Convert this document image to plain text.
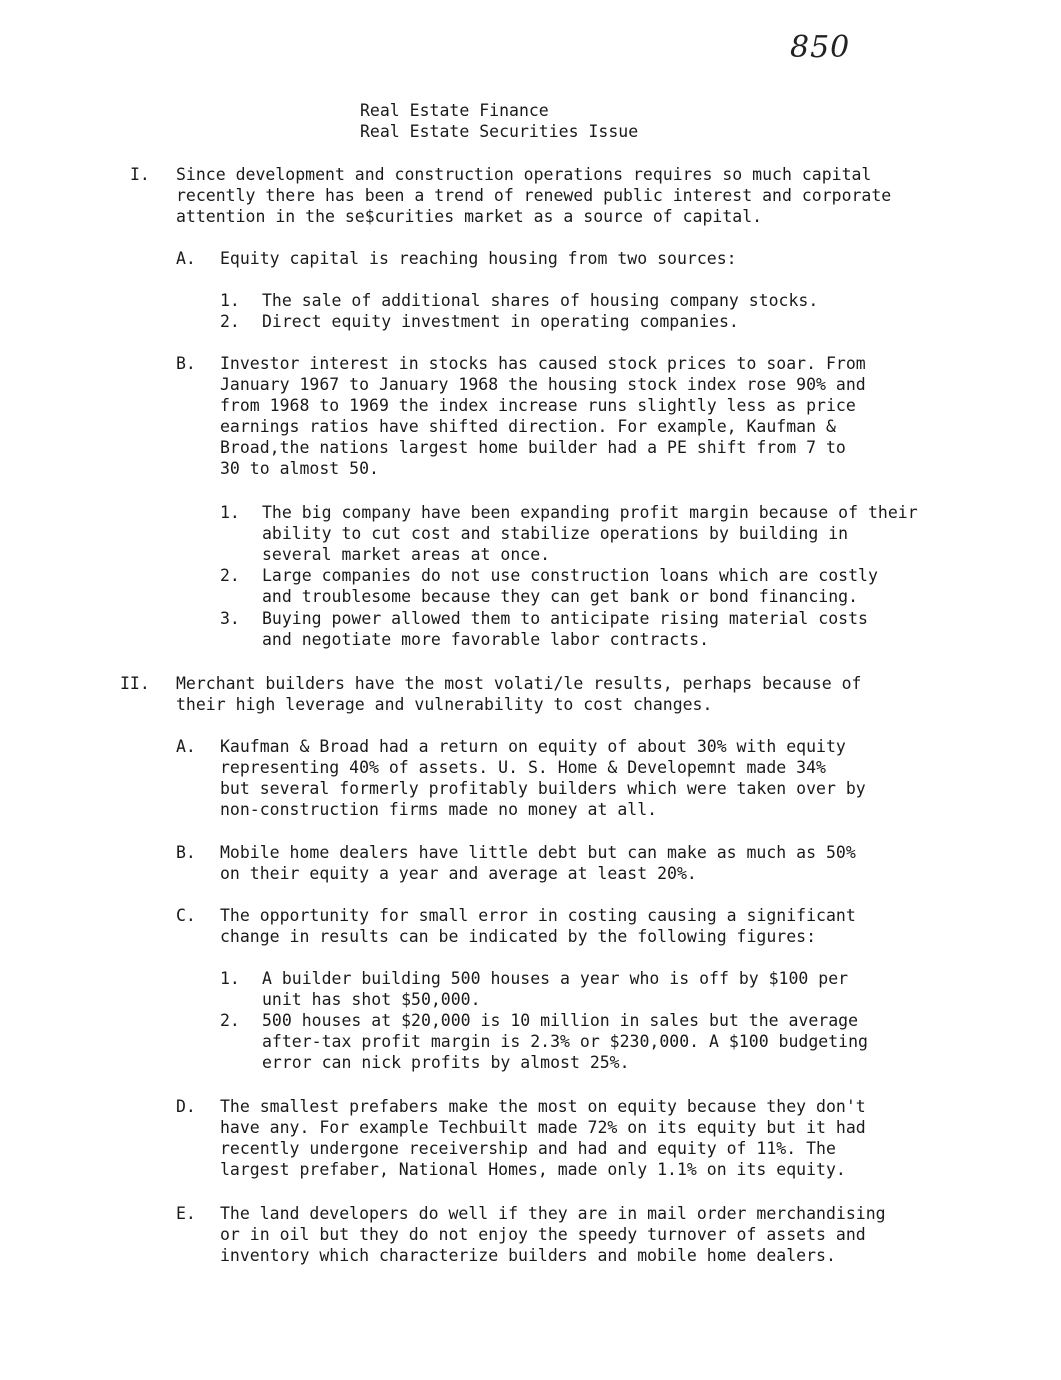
850
Real Estate Finance
Real Estate Securities Issue
I. Since development and construction operations requires so much capital
recently there has been a trend of renewed public interest and corporate
attention in the se$curities market as a source of capital.
A. Equity capital is reaching housing from two sources:
1. The sale of additional shares of housing company stocks.
2. Direct equity investment in operating companies.
B. Investor interest in stocks has caused stock prices to soar. From
January 1967 to January 1968 the housing stock index rose 90% and
from 1968 to 1969 the index increase runs slightly less as price
earnings ratios have shifted direction. For example, Kaufman &
Broad,the nations largest home builder had a PE shift from 7 to
30 to almost 50.
1. The big company have been expanding profit margin because of their
ability to cut cost and stabilize operations by building in
several market areas at once.
2. Large companies do not use construction loans which are costly
and troublesome because they can get bank or bond financing.
3. Buying power allowed them to anticipate rising material costs
and negotiate more favorable labor contracts.
II. Merchant builders have the most volati/le results, perhaps because of
their high leverage and vulnerability to cost changes.
A. Kaufman & Broad had a return on equity of about 30% with equity
representing 40% of assets. U. S. Home & Developemnt made 34%
but several formerly profitably builders which were taken over by
non-construction firms made no money at all.
B. Mobile home dealers have little debt but can make as much as 50%
on their equity a year and average at least 20%.
C. The opportunity for small error in costing causing a significant
change in results can be indicated by the following figures:
1. A builder building 500 houses a year who is off by $100 per
unit has shot $50,000.
2. 500 houses at $20,000 is 10 million in sales but the average
after-tax profit margin is 2.3% or $230,000. A $100 budgeting
error can nick profits by almost 25%.
D. The smallest prefabers make the most on equity because they don't
have any. For example Techbuilt made 72% on its equity but it had
recently undergone receivership and had and equity of 11%. The
largest prefaber, National Homes, made only 1.1% on its equity.
E. The land developers do well if they are in mail order merchandising
or in oil but they do not enjoy the speedy turnover of assets and
inventory which characterize builders and mobile home dealers.
